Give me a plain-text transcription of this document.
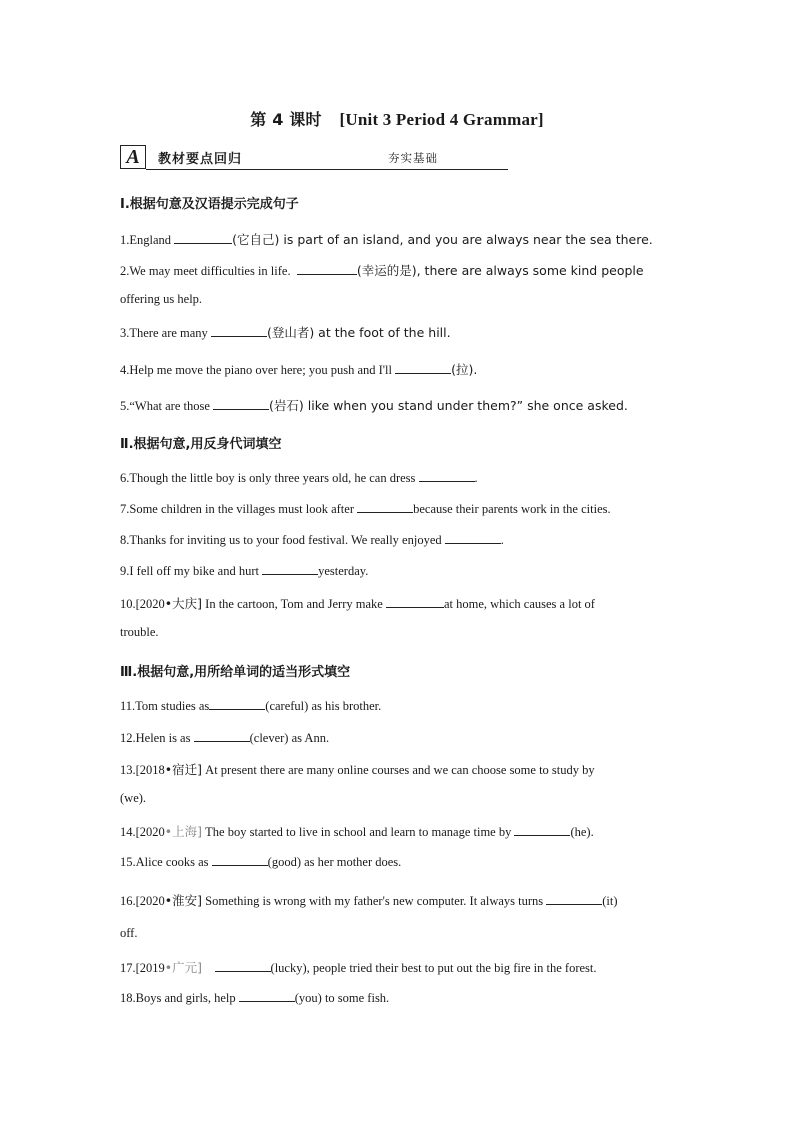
第 4 课时 [Unit 3 Period 4 Grammar]
A	教材要点回归	夯实基础
Ⅰ.根据句意及汉语提示完成句子
1.England	(它自己) is part of an island, and you are always near the sea there.
2.We may meet difficulties in life.	(幸运的是), there are always some kind people
offering us help.
3.There are many	(登山者) at the foot of the hill.
4.Help me move the piano over here; you push and I'll	(拉).
5.“What are those	(岩石) like when you stand under them?” she once asked.
Ⅱ.根据句意,用反身代词填空
6.Though the little boy is only three years old, he can dress	.
7.Some children in the villages must look after	because their parents work in the cities.
8.Thanks for inviting us to your food festival. We really enjoyed	.
9.I fell off my bike and hurt	yesterday.
10.[2020•大庆] In the cartoon, Tom and Jerry make	at home, which causes a lot of
trouble.
Ⅲ.根据句意,用所给单词的适当形式填空
11.Tom studies as	(careful) as his brother.
12.Helen is as	(clever) as Ann.
13.[2018•宿迁] At present there are many online courses and we can choose some to study by
(we).
14.[2020•上海] The boy started to live in school and learn to manage time by	(he).
15.Alice cooks as	(good) as her mother does.
16.[2020•淮安] Something is wrong with my father's new computer. It always turns	(it)
off.
17.[2019•广元]	(lucky), people tried their best to put out the big fire in the forest.
18.Boys and girls, help	(you) to some fish.
